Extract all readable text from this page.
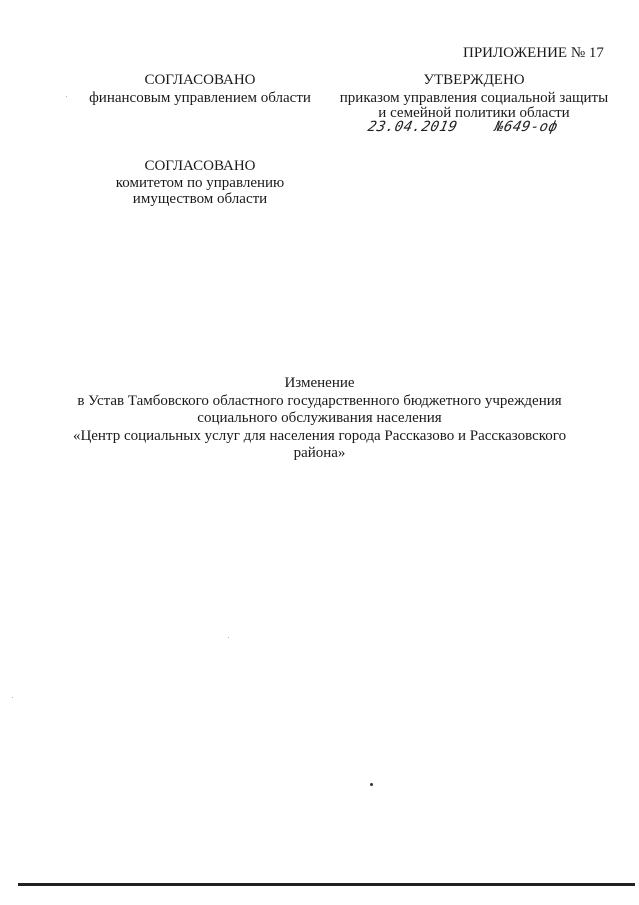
ПРИЛОЖЕНИЕ № 17
СОГЛАСОВАНО
финансовым управлением области
УТВЕРЖДЕНО
приказом управления социальной защиты
и семейной политики области
23.04.2019 №649-оф
СОГЛАСОВАНО
комитетом по управлению
имуществом области
Изменение
в Устав Тамбовского областного государственного бюджетного учреждения
социального обслуживания населения
«Центр социальных услуг для населения города Рассказово и Рассказовского
района»
